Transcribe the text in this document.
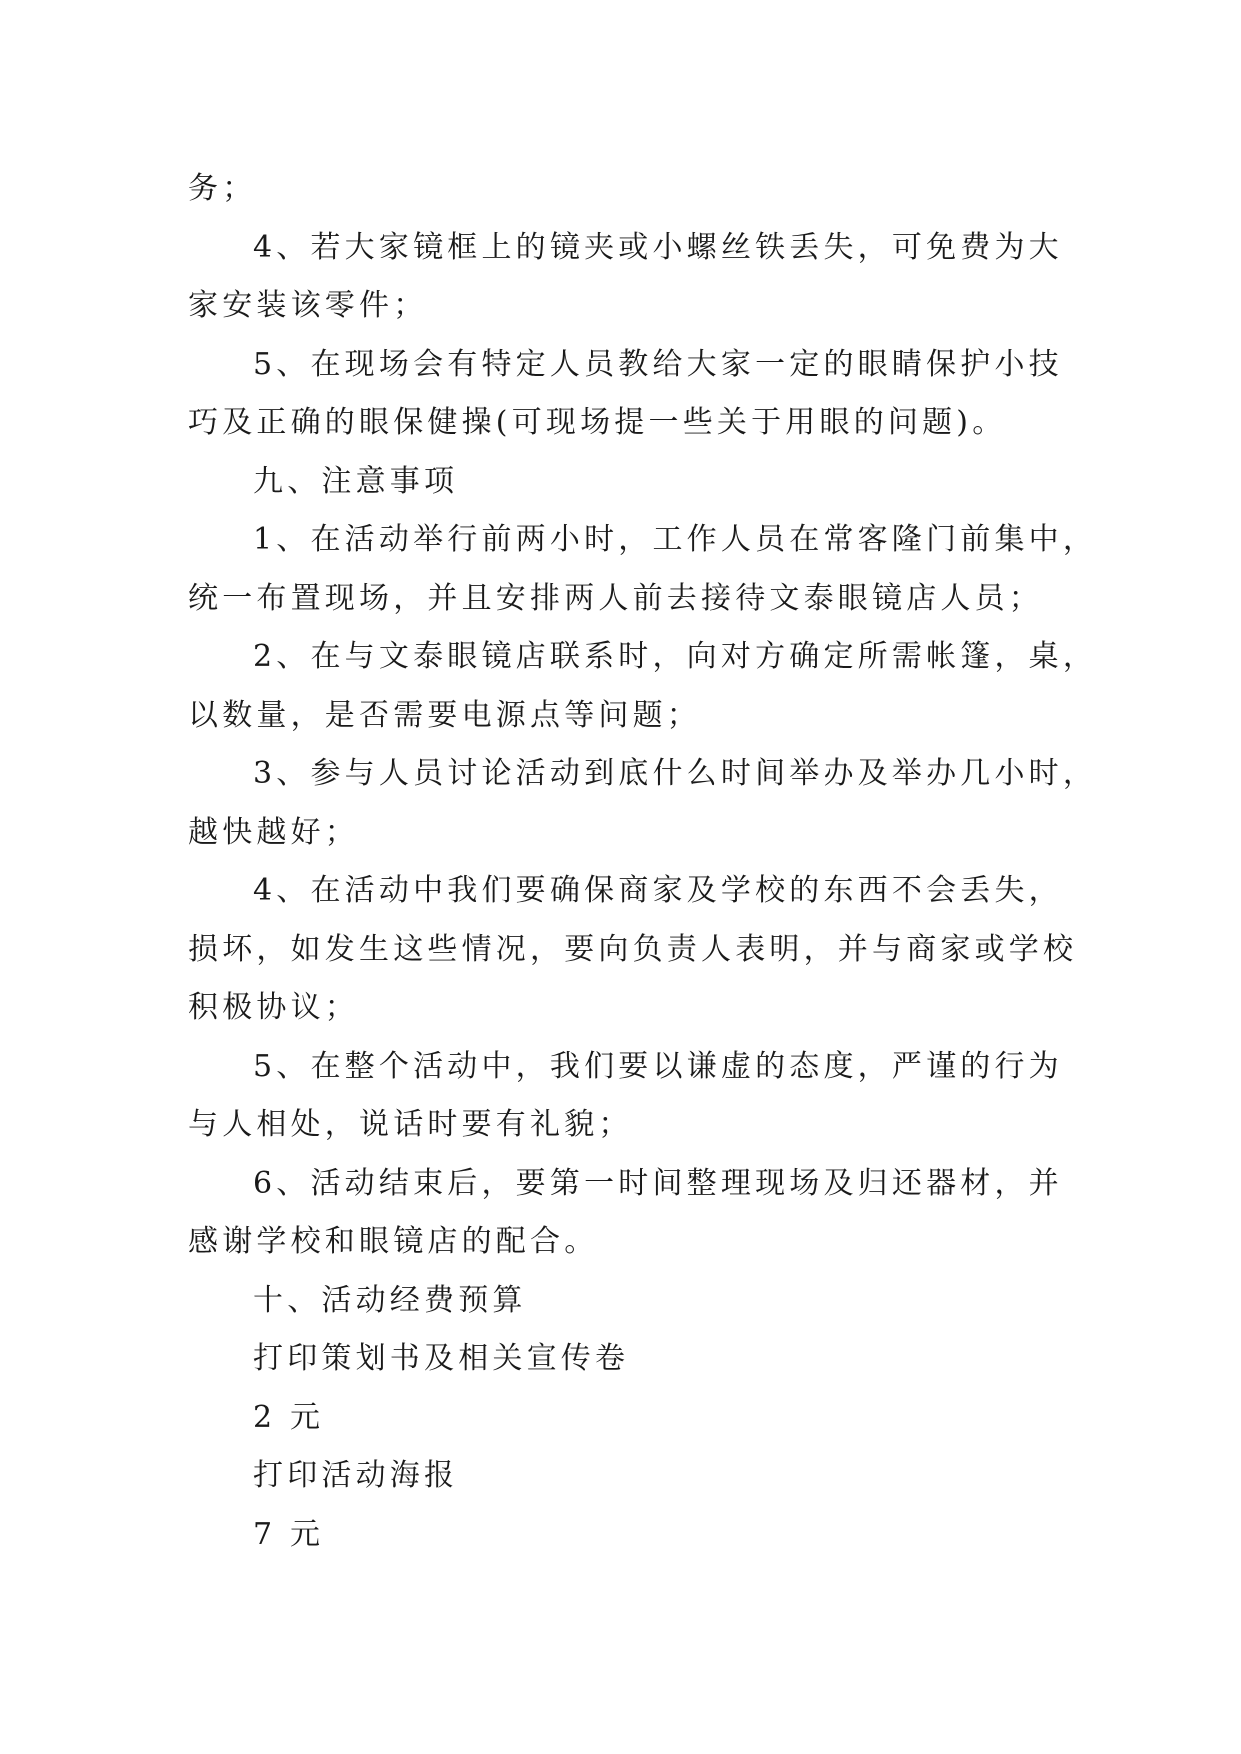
务；
4、若大家镜框上的镜夹或小螺丝铁丢失，可免费为大
家安装该零件；
5、在现场会有特定人员教给大家一定的眼睛保护小技
巧及正确的眼保健操(可现场提一些关于用眼的问题)。
九、注意事项
1、在活动举行前两小时，工作人员在常客隆门前集中，
统一布置现场，并且安排两人前去接待文泰眼镜店人员；
2、在与文泰眼镜店联系时，向对方确定所需帐篷，桌，
以数量，是否需要电源点等问题；
3、参与人员讨论活动到底什么时间举办及举办几小时，
越快越好；
4、在活动中我们要确保商家及学校的东西不会丢失，
损坏，如发生这些情况，要向负责人表明，并与商家或学校
积极协议；
5、在整个活动中，我们要以谦虚的态度，严谨的行为
与人相处，说话时要有礼貌；
6、活动结束后，要第一时间整理现场及归还器材，并
感谢学校和眼镜店的配合。
十、活动经费预算
打印策划书及相关宣传卷
2 元
打印活动海报
7 元
